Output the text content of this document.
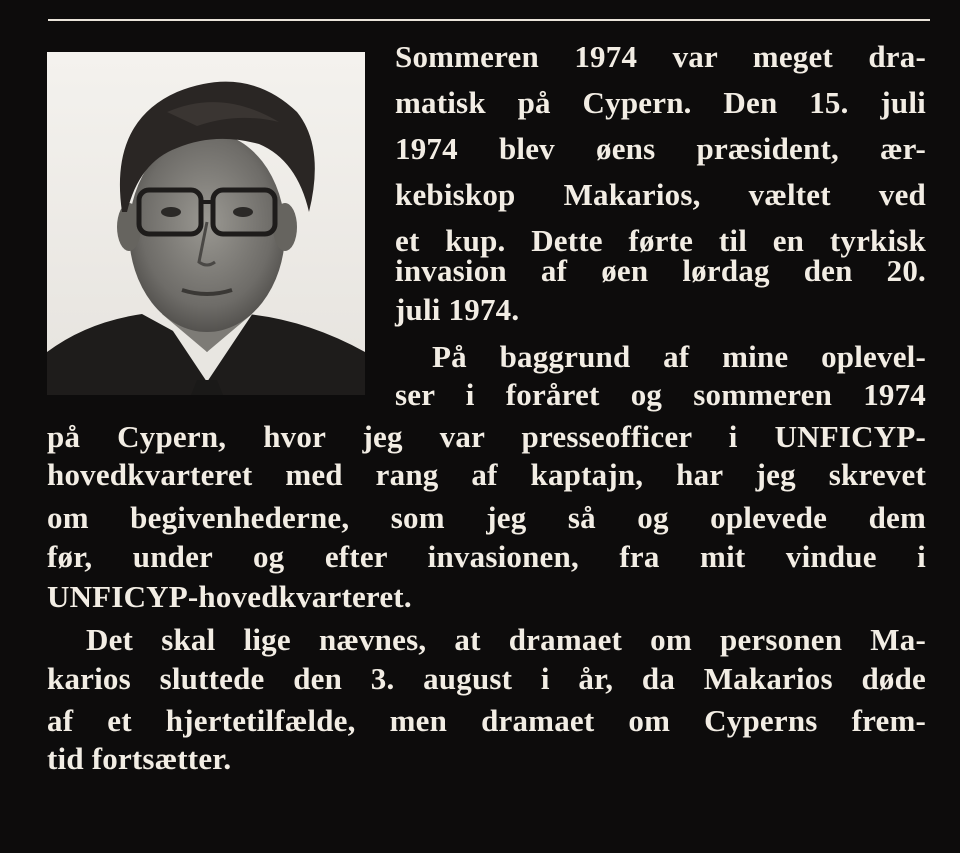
Sommeren 1974 var meget dra-
matisk på Cypern. Den 15. juli
1974 blev øens præsident, ær-
kebiskop Makarios, væltet ved
et kup. Dette førte til en tyrkisk
invasion af øen lørdag den 20.
juli 1974.
På baggrund af mine oplevel-
ser i foråret og sommeren 1974
på Cypern, hvor jeg var presseofficer i UNFICYP-
hovedkvarteret med rang af kaptajn, har jeg skrevet
om begivenhederne, som jeg så og oplevede dem
før, under og efter invasionen, fra mit vindue i
UNFICYP-hovedkvarteret.
Det skal lige nævnes, at dramaet om personen Ma-
karios sluttede den 3. august i år, da Makarios døde
af et hjertetilfælde, men dramaet om Cyperns frem-
tid fortsætter.
